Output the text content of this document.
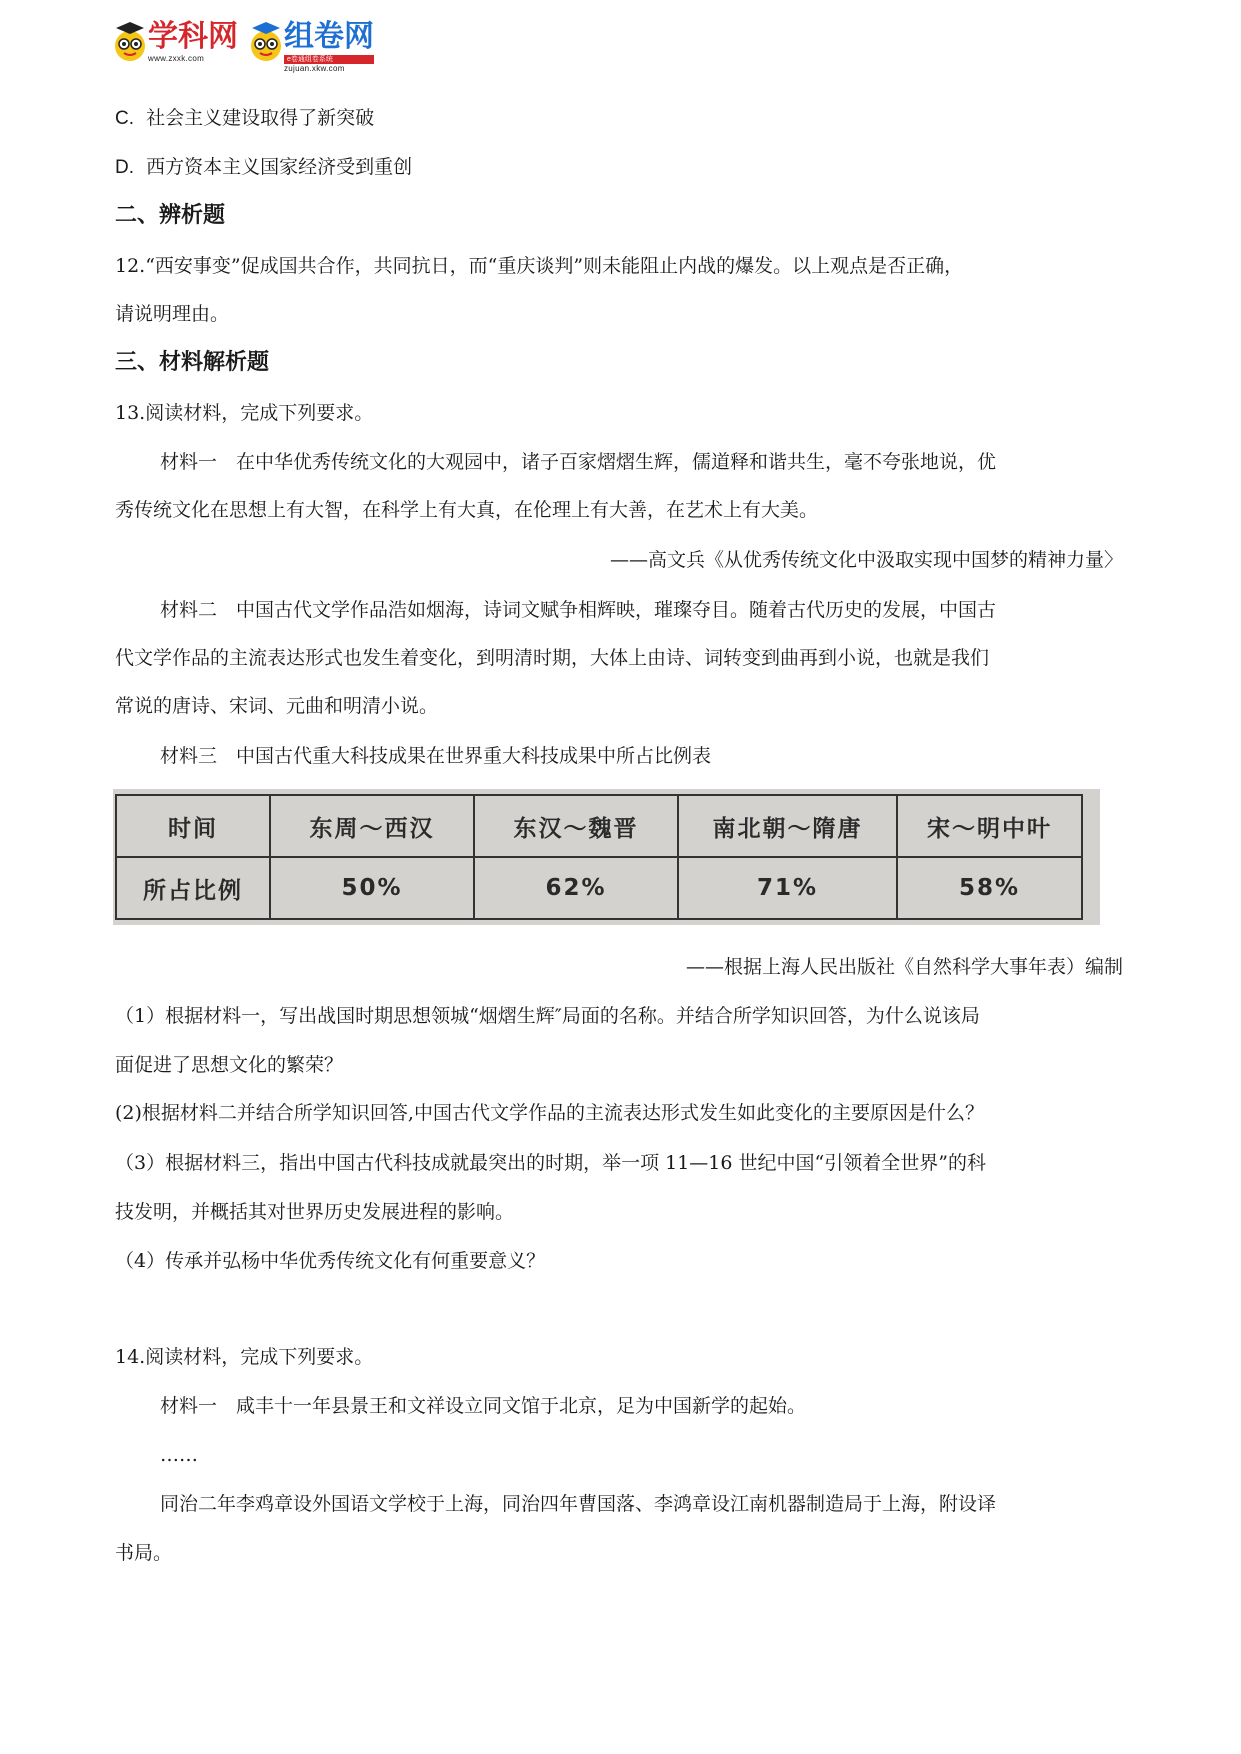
学科网
www.zxxk.com
组卷网
e卷通组卷系统
zujuan.xkw.com
C. 社会主义建设取得了新突破
D. 西方资本主义国家经济受到重创
二、辨析题
12.“西安事变”促成国共合作，共同抗日，而“重庆谈判”则未能阻止内战的爆发。以上观点是否正确，
请说明理由。
三、材料解析题
13.阅读材料，完成下列要求。
材料一　在中华优秀传统文化的大观园中，诸子百家熠熠生辉，儒道释和谐共生，毫不夸张地说，优
秀传统文化在思想上有大智，在科学上有大真，在伦理上有大善，在艺术上有大美。
——高文兵《从优秀传统文化中汲取实现中国梦的精神力量〉
材料二　中国古代文学作品浩如烟海，诗词文赋争相辉映，璀璨夺目。随着古代历史的发展，中国古
代文学作品的主流表达形式也发生着变化，到明清时期，大体上由诗、词转变到曲再到小说，也就是我们
常说的唐诗、宋词、元曲和明清小说。
材料三　中国古代重大科技成果在世界重大科技成果中所占比例表
时间	东周～西汉	东汉～魏晋	南北朝～隋唐	宋～明中叶
所占比例	50%	62%	71%	58%
——根据上海人民出版社《自然科学大事年表）编制
（1）根据材料一，写出战国时期思想领城“烟熠生辉″局面的名称。并结合所学知识回答，为什么说该局
面促进了思想文化的繁荣？
(2)根据材料二并结合所学知识回答,中国古代文学作品的主流表达形式发生如此变化的主要原因是什么？
（3）根据材料三，指出中国古代科技成就最突出的时期，举一项 11—16 世纪中国“引领着全世界”的科
技发明，并概括其对世界历史发展进程的影响。
（4）传承并弘杨中华优秀传统文化有何重要意义？
14.阅读材料，完成下列要求。
材料一　咸丰十一年县景王和文祥设立同文馆于北京，足为中国新学的起始。
……
同治二年李鸡章设外国语文学校于上海，同治四年曹国落、李鸿章设江南机器制造局于上海，附设译
书局。
